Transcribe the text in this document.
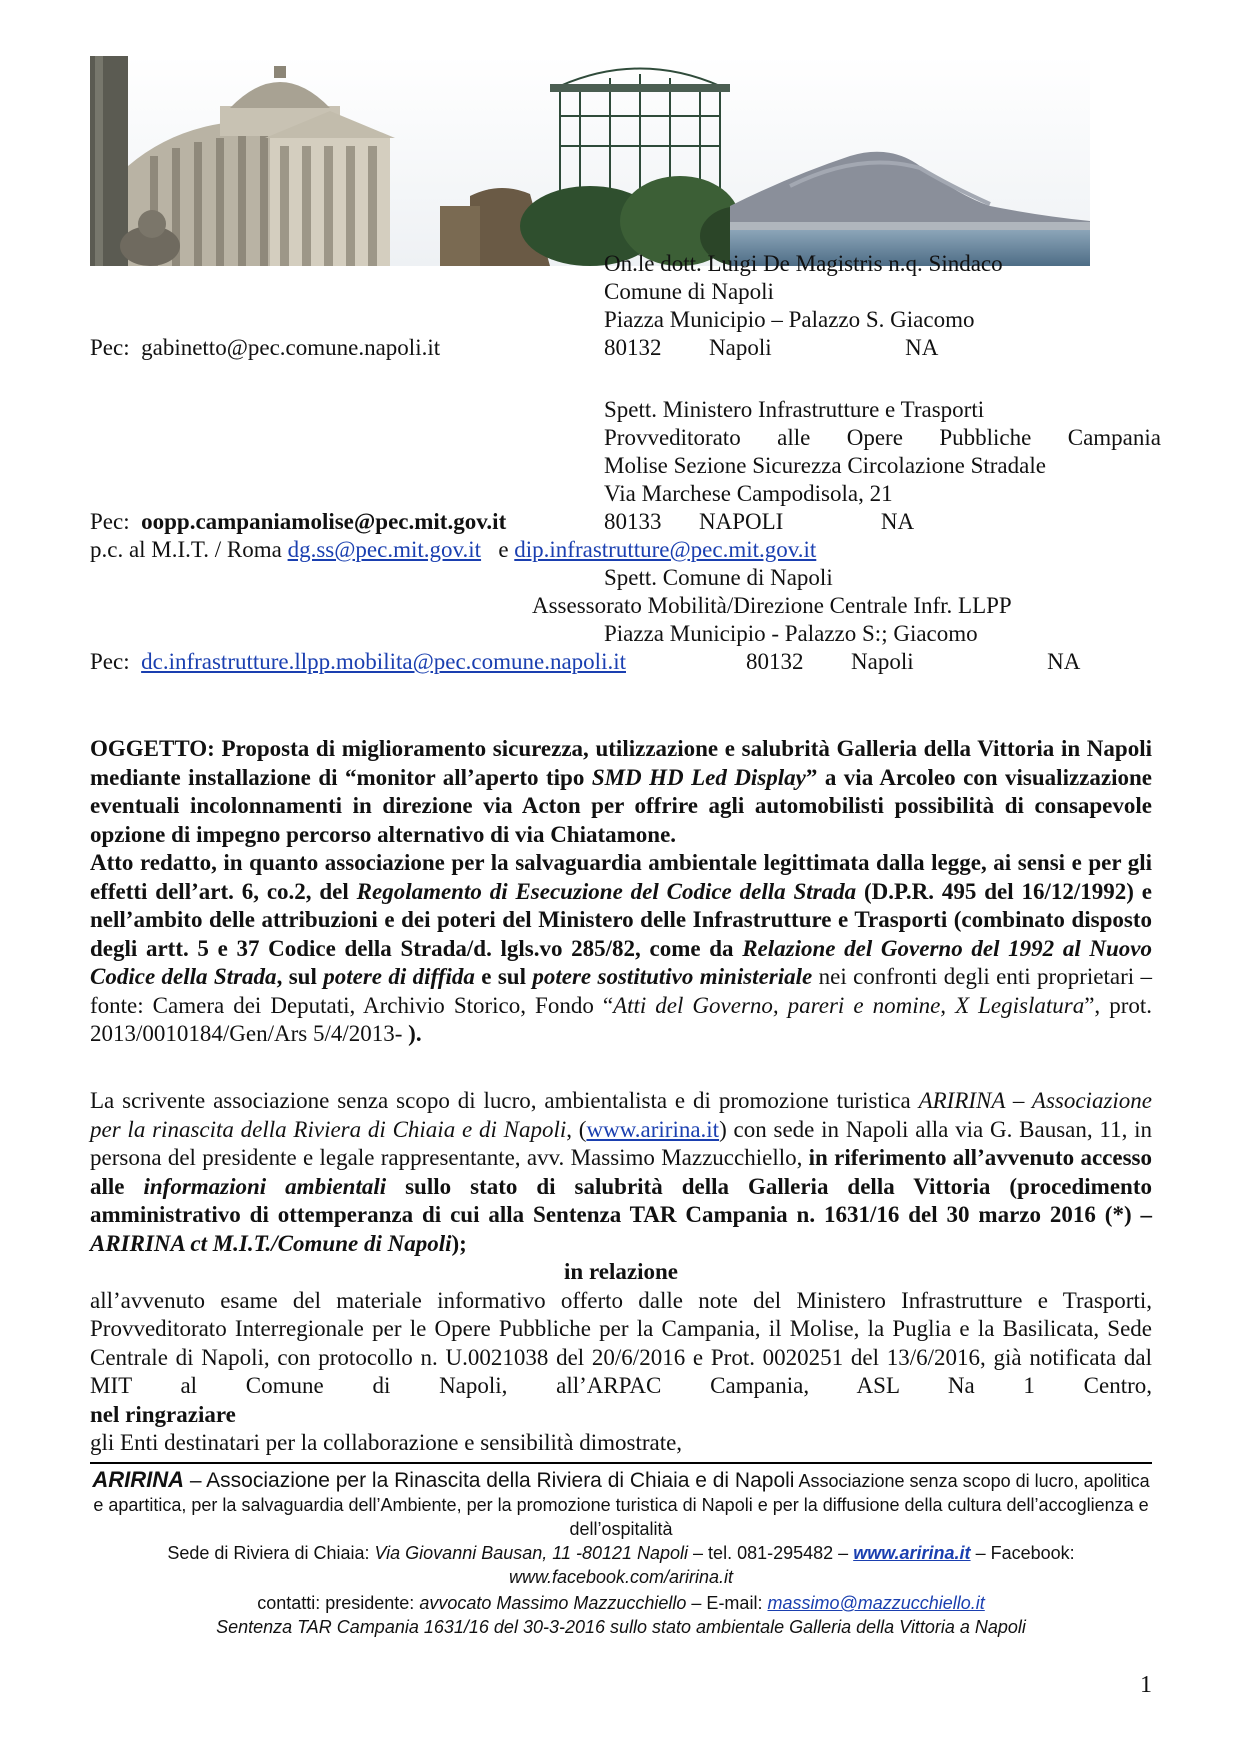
On.le dott. Luigi De Magistris n.q. Sindaco
Comune di Napoli
Piazza Municipio – Palazzo S. Giacomo
Pec: gabinetto@pec.comune.napoli.it	80132 Napoli	NA
Spett. Ministero Infrastrutture e Trasporti
Provveditorato alle Opere Pubbliche Campania
Molise Sezione Sicurezza Circolazione Stradale
Via Marchese Campodisola, 21
Pec: oopp.campaniamolise@pec.mit.gov.it	80133 NAPOLI	NA
p.c. al M.I.T. / Roma dg.ss@pec.mit.gov.it e dip.infrastrutture@pec.mit.gov.it
Spett. Comune di Napoli
Assessorato Mobilità/Direzione Centrale Infr. LLPP
Piazza Municipio - Palazzo S:; Giacomo
Pec: dc.infrastrutture.llpp.mobilita@pec.comune.napoli.it	80132 Napoli	NA

OGGETTO: Proposta di miglioramento sicurezza, utilizzazione e salubrità Galleria della Vittoria in Napoli mediante installazione di “monitor all’aperto tipo SMD HD Led Display” a via Arcoleo con visualizzazione eventuali incolonnamenti in direzione via Acton per offrire agli automobilisti possibilità di consapevole opzione di impegno percorso alternativo di via Chiatamone.

Atto redatto, in quanto associazione per la salvaguardia ambientale legittimata dalla legge, ai sensi e per gli effetti dell’art. 6, co.2, del Regolamento di Esecuzione del Codice della Strada (D.P.R. 495 del 16/12/1992) e nell’ambito delle attribuzioni e dei poteri del Ministero delle Infrastrutture e Trasporti (combinato disposto degli artt. 5 e 37 Codice della Strada/d. lgls.vo 285/82, come da Relazione del Governo del 1992 al Nuovo Codice della Strada, sul potere di diffida e sul potere sostitutivo ministeriale nei confronti degli enti proprietari – fonte: Camera dei Deputati, Archivio Storico, Fondo “Atti del Governo, pareri e nomine, X Legislatura”, prot. 2013/0010184/Gen/Ars 5/4/2013- ).

La scrivente associazione senza scopo di lucro, ambientalista e di promozione turistica ARIRINA – Associazione per la rinascita della Riviera di Chiaia e di Napoli, (www.aririna.it) con sede in Napoli alla via G. Bausan, 11, in persona del presidente e legale rappresentante, avv. Massimo Mazzucchiello, in riferimento all’avvenuto accesso alle informazioni ambientali sullo stato di salubrità della Galleria della Vittoria (procedimento amministrativo di ottemperanza di cui alla Sentenza TAR Campania n. 1631/16 del 30 marzo 2016 (*) – ARIRINA ct M.I.T./Comune di Napoli);

in relazione

all’avvenuto esame del materiale informativo offerto dalle note del Ministero Infrastrutture e Trasporti, Provveditorato Interregionale per le Opere Pubbliche per la Campania, il Molise, la Puglia e la Basilicata, Sede Centrale di Napoli, con protocollo n. U.0021038 del 20/6/2016 e Prot. 0020251 del 13/6/2016, già notificata dal MIT al Comune di Napoli, all’ARPAC Campania, ASL Na 1 Centro,

nel ringraziare

gli Enti destinatari per la collaborazione e sensibilità dimostrate,

ARIRINA – Associazione per la Rinascita della Riviera di Chiaia e di Napoli Associazione senza scopo di lucro, apolitica e apartitica, per la salvaguardia dell’Ambiente, per la promozione turistica di Napoli e per la diffusione della cultura dell’accoglienza e dell’ospitalità

Sede di Riviera di Chiaia: Via Giovanni Bausan, 11 -80121 Napoli – tel. 081-295482 – www.aririna.it – Facebook: www.facebook.com/aririna.it

contatti: presidente: avvocato Massimo Mazzucchiello – E-mail: massimo@mazzucchiello.it

Sentenza TAR Campania 1631/16 del 30-3-2016 sullo stato ambientale Galleria della Vittoria a Napoli

1
